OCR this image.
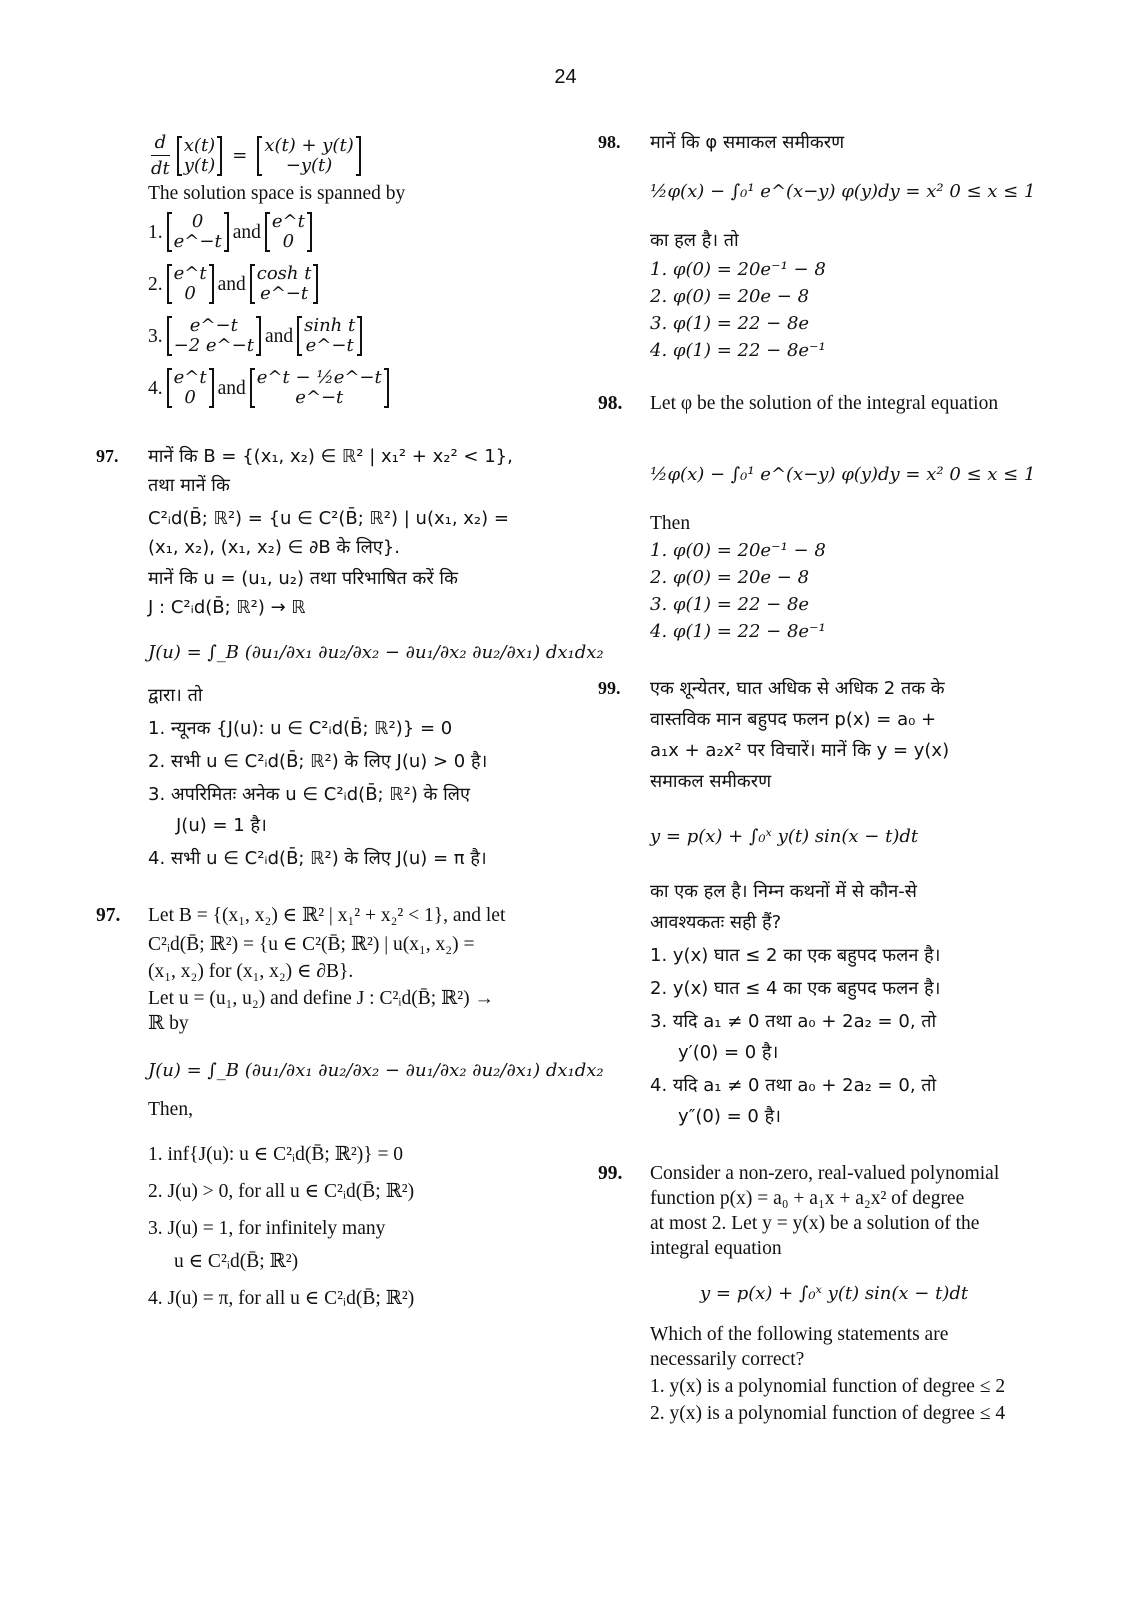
24
$\frac{d}{dt} x(t)$
y(t) = x(t) + y(t)
−y(t)
The solution space is spanned by
1. 0
e^−t and e^t
0
2. e^t
0 and cosh t
e^−t
3. e^−t
−2 e^−t and sinh t
e^−t
4. e^t
0 and e^t − ½e^−t
e^−t
97. मानें कि B = {(x₁, x₂) ∈ ℝ² | x₁² + x₂² < 1},
तथा मानें कि
C²ᵢd(B̄; ℝ²) = {u ∈ C²(B̄; ℝ²) | u(x₁, x₂) =
(x₁, x₂), (x₁, x₂) ∈ ∂B के लिए}.
मानें कि u = (u₁, u₂) तथा परिभाषित करें कि
J : C²ᵢd(B̄; ℝ²) → ℝ
J(u) = ∫_B (∂u₁/∂x₁ ∂u₂/∂x₂ − ∂u₁/∂x₂ ∂u₂/∂x₁) dx₁dx₂
द्वारा। तो
1. न्यूनक {J(u): u ∈ C²ᵢd(B̄; ℝ²)} = 0
2. सभी u ∈ C²ᵢd(B̄; ℝ²) के लिए J(u) > 0 है।
3. अपरिमितः अनेक u ∈ C²ᵢd(B̄; ℝ²) के लिए
J(u) = 1 है।
4. सभी u ∈ C²ᵢd(B̄; ℝ²) के लिए J(u) = π है।
97. Let B = {(x₁, x₂) ∈ ℝ² | x₁² + x₂² < 1}, and let
C²ᵢd(B̄; ℝ²) = {u ∈ C²(B̄; ℝ²) | u(x₁, x₂) =
(x₁, x₂) for (x₁, x₂) ∈ ∂B}.
Let u = (u₁, u₂) and define J : C²ᵢd(B̄; ℝ²) →
ℝ by
J(u) = ∫_B (∂u₁/∂x₁ ∂u₂/∂x₂ − ∂u₁/∂x₂ ∂u₂/∂x₁) dx₁dx₂
Then,
1. inf{J(u): u ∈ C²ᵢd(B̄; ℝ²)} = 0
2. J(u) > 0, for all u ∈ C²ᵢd(B̄; ℝ²)
3. J(u) = 1, for infinitely many
u ∈ C²ᵢd(B̄; ℝ²)
4. J(u) = π, for all u ∈ C²ᵢd(B̄; ℝ²)
98. मानें कि φ समाकल समीकरण
½φ(x) − ∫₀¹ e^(x−y) φ(y)dy = x² 0 ≤ x ≤ 1
का हल है। तो
1. φ(0) = 20e⁻¹ − 8
2. φ(0) = 20e − 8
3. φ(1) = 22 − 8e
4. φ(1) = 22 − 8e⁻¹
98. Let φ be the solution of the integral equation
½φ(x) − ∫₀¹ e^(x−y) φ(y)dy = x² 0 ≤ x ≤ 1
Then
1. φ(0) = 20e⁻¹ − 8
2. φ(0) = 20e − 8
3. φ(1) = 22 − 8e
4. φ(1) = 22 − 8e⁻¹
99. एक शून्येतर, घात अधिक से अधिक 2 तक के
वास्तविक मान बहुपद फलन p(x) = a₀ +
a₁x + a₂x² पर विचारें। मानें कि y = y(x)
समाकल समीकरण
y = p(x) + ∫₀ˣ y(t) sin(x − t)dt
का एक हल है। निम्न कथनों में से कौन-से
आवश्यकतः सही हैं?
1. y(x) घात ≤ 2 का एक बहुपद फलन है।
2. y(x) घात ≤ 4 का एक बहुपद फलन है।
3. यदि a₁ ≠ 0 तथा a₀ + 2a₂ = 0, तो
y′(0) = 0 है।
4. यदि a₁ ≠ 0 तथा a₀ + 2a₂ = 0, तो
y″(0) = 0 है।
99. Consider a non-zero, real-valued polynomial
function p(x) = a₀ + a₁x + a₂x² of degree
at most 2. Let y = y(x) be a solution of the
integral equation
y = p(x) + ∫₀ˣ y(t) sin(x − t)dt
Which of the following statements are
necessarily correct?
1. y(x) is a polynomial function of degree ≤ 2
2. y(x) is a polynomial function of degree ≤ 4
